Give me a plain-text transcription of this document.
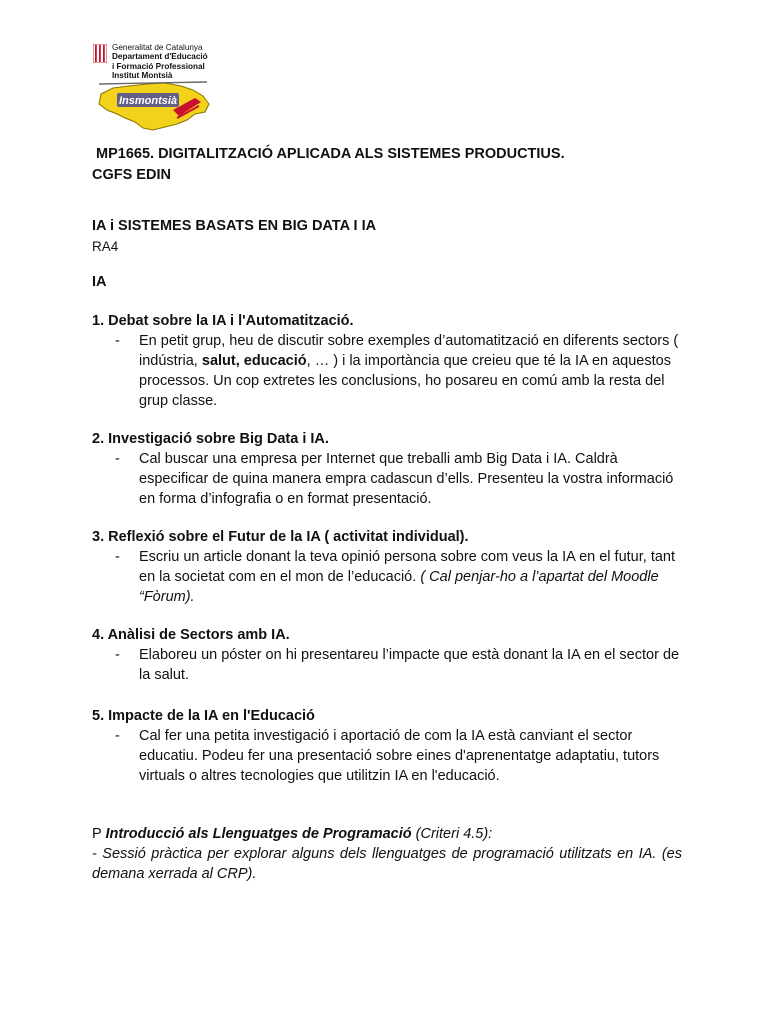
Generalitat de Catalunya
Departament d'Educació
i Formació Professional
Institut Montsià
Insmontsià
MP1665. DIGITALITZACIÓ APLICADA ALS SISTEMES PRODUCTIUS.
CGFS EDIN
IA i SISTEMES BASATS EN BIG DATA I IA
RA4
IA
1. Debat sobre la IA i l'Automatització.
- En petit grup, heu de discutir sobre exemples d’automatització en diferents sectors ( indústria, salut, educació, … ) i la importància que creieu que té la IA en aquestos processos. Un cop extretes les conclusions, ho posareu en comú amb la resta del grup classe.
2. Investigació sobre Big Data i IA.
- Cal buscar una empresa per Internet que treballi amb Big Data i IA. Caldrà especificar de quina manera empra cadascun d’ells. Presenteu la vostra informació en forma d’infografia o en format presentació.
3. Reflexió sobre el Futur de la IA ( activitat individual).
- Escriu un article donant la teva opinió persona sobre com veus la IA en el futur, tant en la societat com en el mon de l’educació. ( Cal penjar-ho a l’apartat del Moodle “Fòrum).
4. Anàlisi de Sectors amb IA.
- Elaboreu un póster on hi presentareu l’impacte que està donant la IA en el sector de la salut.
5. Impacte de la IA en l'Educació
- Cal fer una petita investigació i aportació de com la IA està canviant el sector educatiu. Podeu fer una presentació sobre eines d'aprenentatge adaptatiu, tutors virtuals o altres tecnologies que utilitzin IA en l'educació.
P Introducció als Llenguatges de Programació (Criteri 4.5):
- Sessió pràctica per explorar alguns dels llenguatges de programació utilitzats en IA. (es demana xerrada al CRP).
